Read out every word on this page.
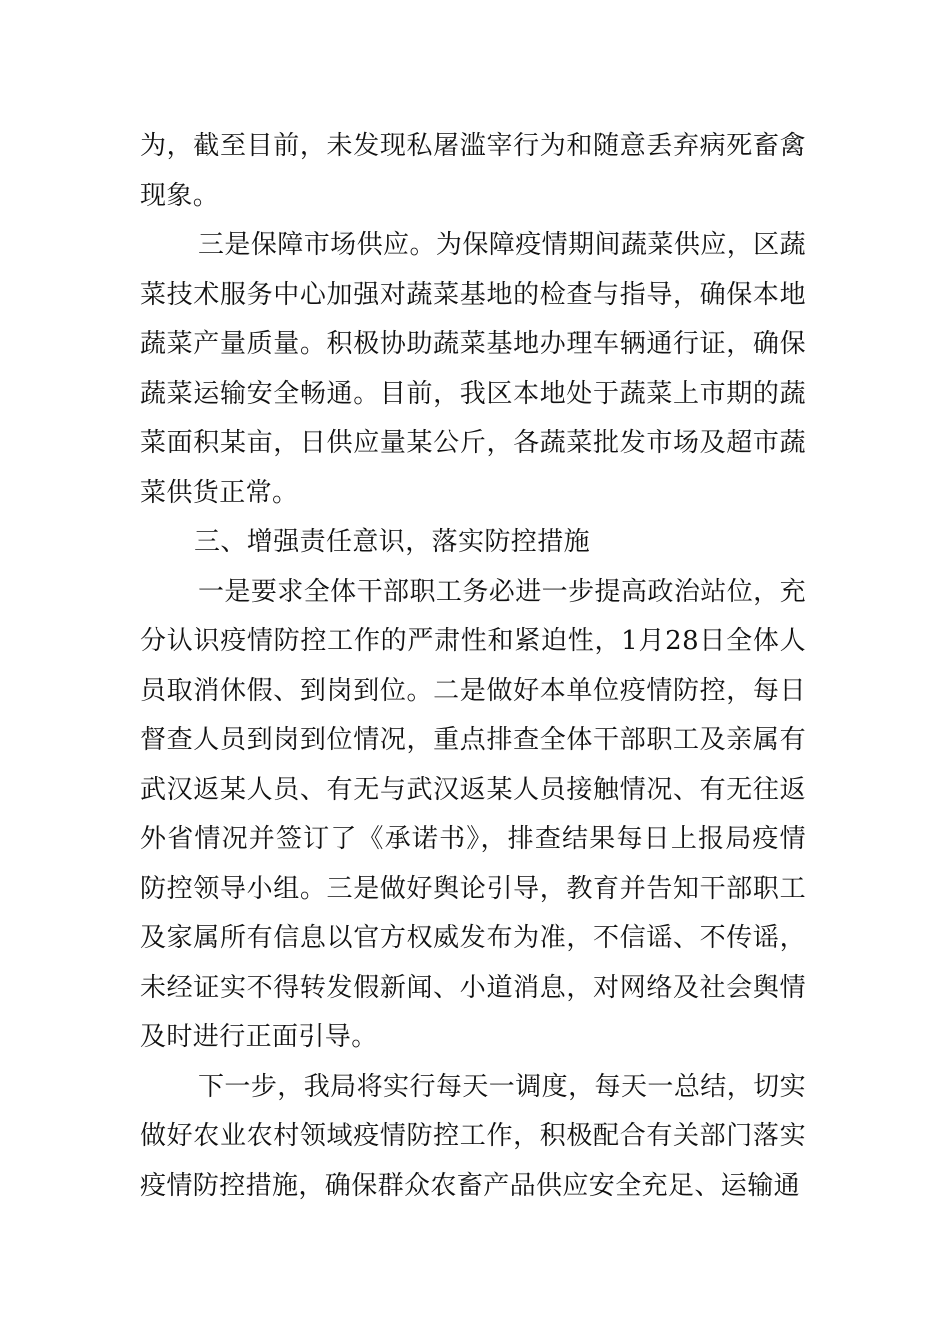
为，截至目前，未发现私屠滥宰行为和随意丢弃病死畜禽现象。

三是保障市场供应。为保障疫情期间蔬菜供应，区蔬菜技术服务中心加强对蔬菜基地的检查与指导，确保本地蔬菜产量质量。积极协助蔬菜基地办理车辆通行证，确保蔬菜运输安全畅通。目前，我区本地处于蔬菜上市期的蔬菜面积某亩，日供应量某公斤，各蔬菜批发市场及超市蔬菜供货正常。

三、增强责任意识，落实防控措施

一是要求全体干部职工务必进一步提高政治站位，充分认识疫情防控工作的严肃性和紧迫性，1月28日全体人员取消休假、到岗到位。二是做好本单位疫情防控，每日督查人员到岗到位情况，重点排查全体干部职工及亲属有武汉返某人员、有无与武汉返某人员接触情况、有无往返外省情况并签订了《承诺书》，排查结果每日上报局疫情防控领导小组。三是做好舆论引导，教育并告知干部职工及家属所有信息以官方权威发布为准，不信谣、不传谣，未经证实不得转发假新闻、小道消息，对网络及社会舆情及时进行正面引导。

下一步，我局将实行每天一调度，每天一总结，切实做好农业农村领域疫情防控工作，积极配合有关部门落实疫情防控措施，确保群众农畜产品供应安全充足、运输通
